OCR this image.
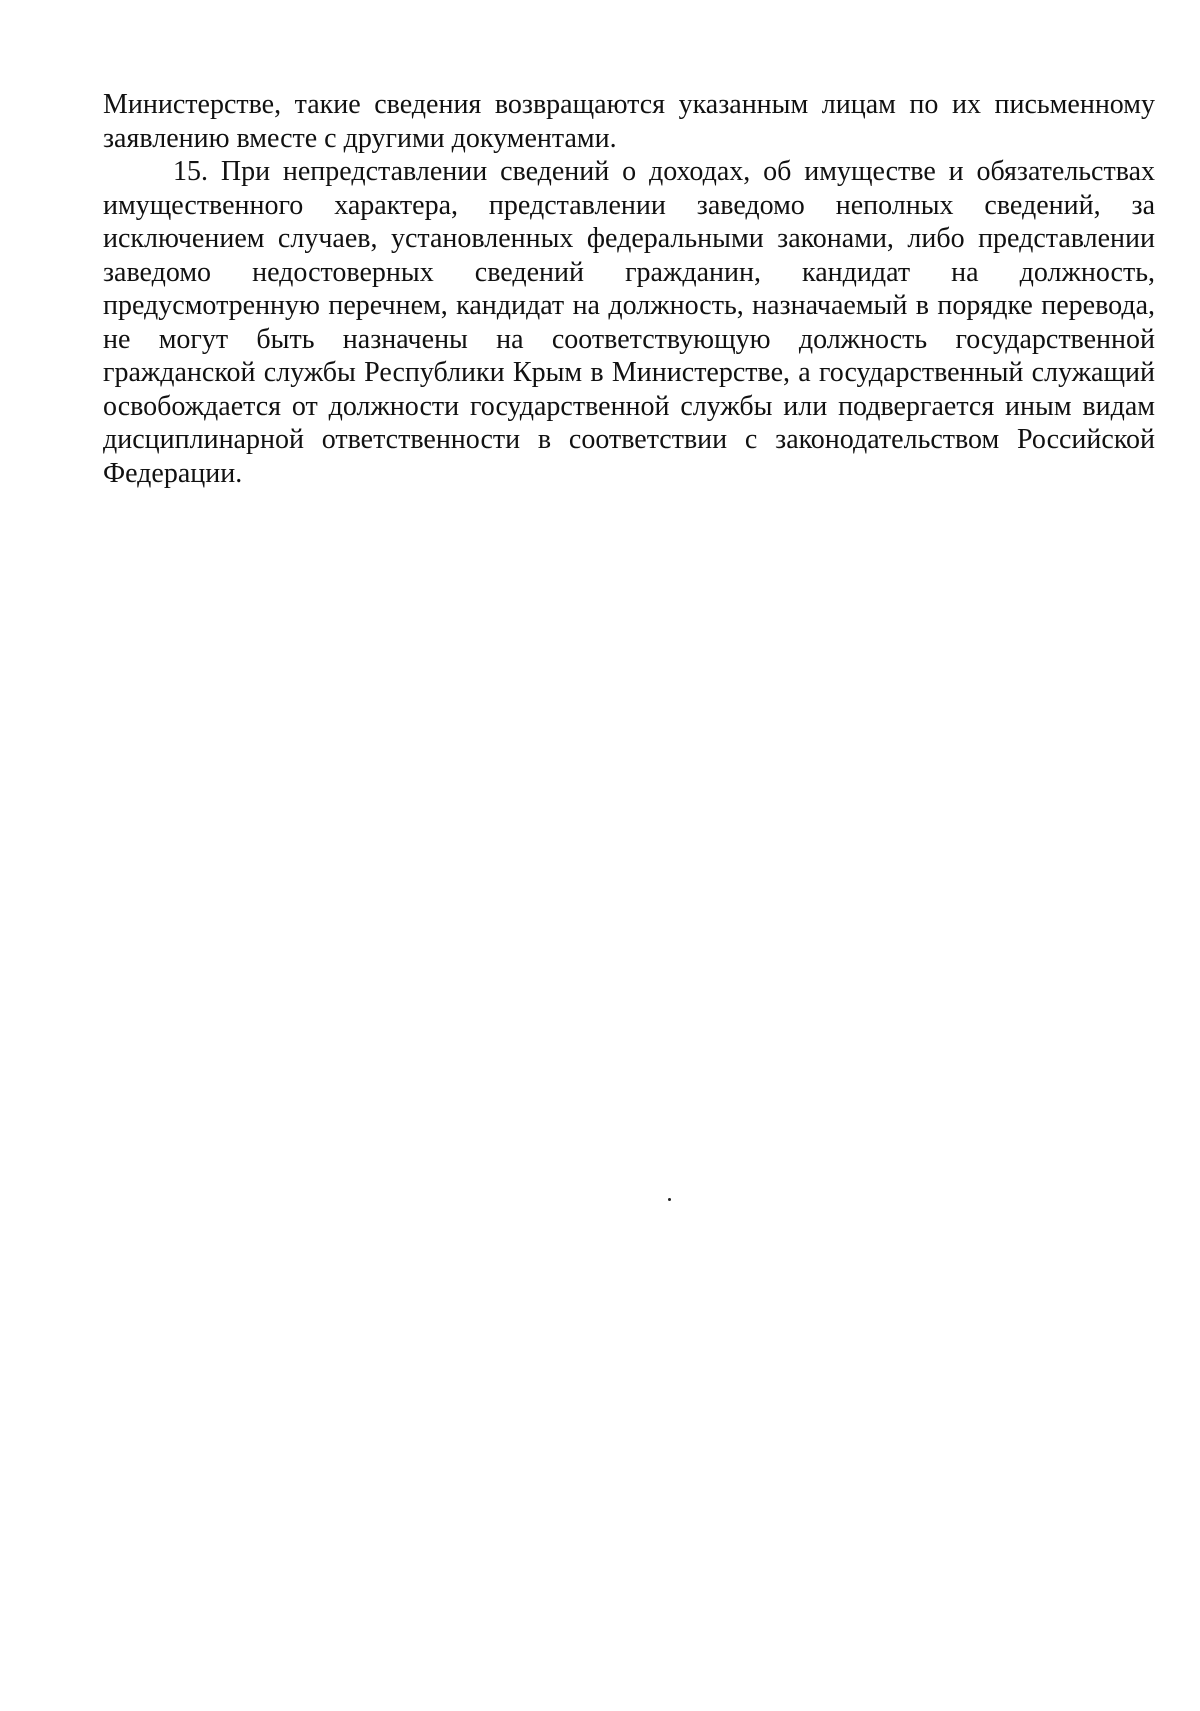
Министерстве, такие сведения возвращаются указанным лицам по их письменному заявлению вместе с другими документами.

15. При непредставлении сведений о доходах, об имуществе и обязательствах имущественного характера, представлении заведомо неполных сведений, за исключением случаев, установленных федеральными законами, либо представлении заведомо недостоверных сведений гражданин, кандидат на должность, предусмотренную перечнем, кандидат на должность, назначаемый в порядке перевода, не могут быть назначены на соответствующую должность государственной гражданской службы Республики Крым в Министерстве, а государственный служащий освобождается от должности государственной службы или подвергается иным видам дисциплинарной ответственности в соответствии с законодательством Российской Федерации.
